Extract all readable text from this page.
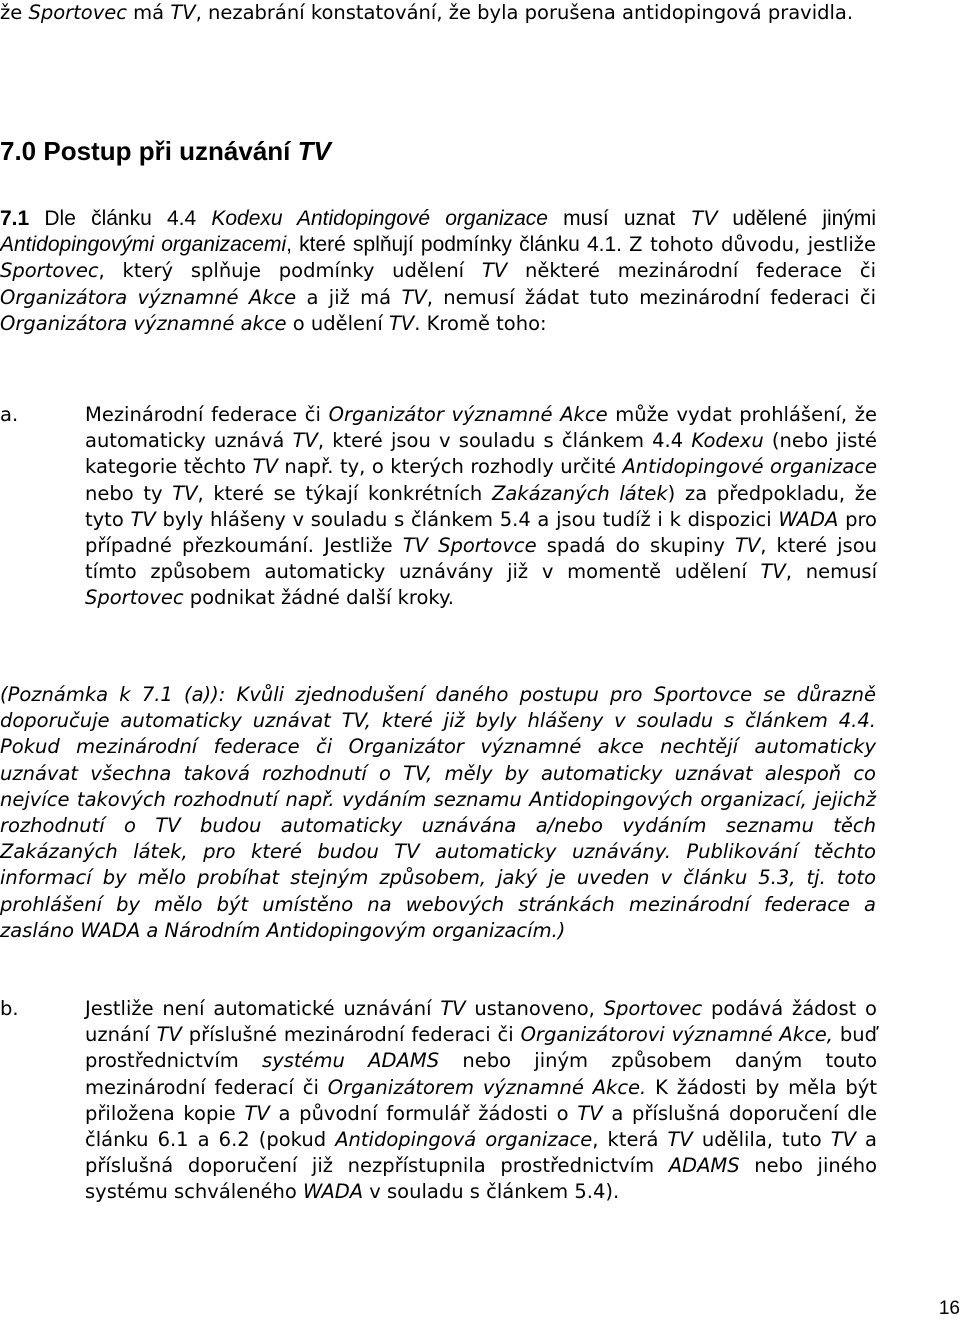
že Sportovec má TV, nezabrání konstatování, že byla porušena antidopingová pravidla.
7.0 Postup při uznávání TV
7.1 Dle článku 4.4 Kodexu Antidopingové organizace musí uznat TV udělené jinými Antidopingovými organizacemi, které splňují podmínky článku 4.1. Z tohoto důvodu, jestliže Sportovec, který splňuje podmínky udělení TV některé mezinárodní federace či Organizátora významné Akce a již má TV, nemusí žádat tuto mezinárodní federaci či Organizátora významné akce o udělení TV. Kromě toho:
a.	Mezinárodní federace či Organizátor významné Akce může vydat prohlášení, že automaticky uznává TV, které jsou v souladu s článkem 4.4 Kodexu (nebo jisté kategorie těchto TV např. ty, o kterých rozhodly určité Antidopingové organizace nebo ty TV, které se týkají konkrétních Zakázaných látek) za předpokladu, že tyto TV byly hlášeny v souladu s článkem 5.4 a jsou tudíž i k dispozici WADA pro případné přezkoumání. Jestliže TV Sportovce spadá do skupiny TV, které jsou tímto způsobem automaticky uznávány již v momentě udělení TV, nemusí Sportovec podnikat žádné další kroky.
(Poznámka k 7.1 (a)): Kvůli zjednodušení daného postupu pro Sportovce se důrazně doporučuje automaticky uznávat TV, které již byly hlášeny v souladu s článkem 4.4. Pokud mezinárodní federace či Organizátor významné akce nechtějí automaticky uznávat všechna taková rozhodnutí o TV, měly by automaticky uznávat alespoň co nejvíce takových rozhodnutí např. vydáním seznamu Antidopingových organizací, jejichž rozhodnutí o TV budou automaticky uznávána a/nebo vydáním seznamu těch Zakázaných látek, pro které budou TV automaticky uznávány. Publikování těchto informací by mělo probíhat stejným způsobem, jaký je uveden v článku 5.3, tj. toto prohlášení by mělo být umístěno na webových stránkách mezinárodní federace a zasláno WADA a Národním Antidopingovým organizacím.)
b.	Jestliže není automatické uznávání TV ustanoveno, Sportovec podává žádost o uznání TV příslušné mezinárodní federaci či Organizátorovi významné Akce, buď prostřednictvím systému ADAMS nebo jiným způsobem daným touto mezinárodní federací či Organizátorem významné Akce. K žádosti by měla být přiložena kopie TV a původní formulář žádosti o TV a příslušná doporučení dle článku 6.1 a 6.2 (pokud Antidopingová organizace, která TV udělila, tuto TV a příslušná doporučení již nezpřístupnila prostřednictvím ADAMS nebo jiného systému schváleného WADA v souladu s článkem 5.4).
16
